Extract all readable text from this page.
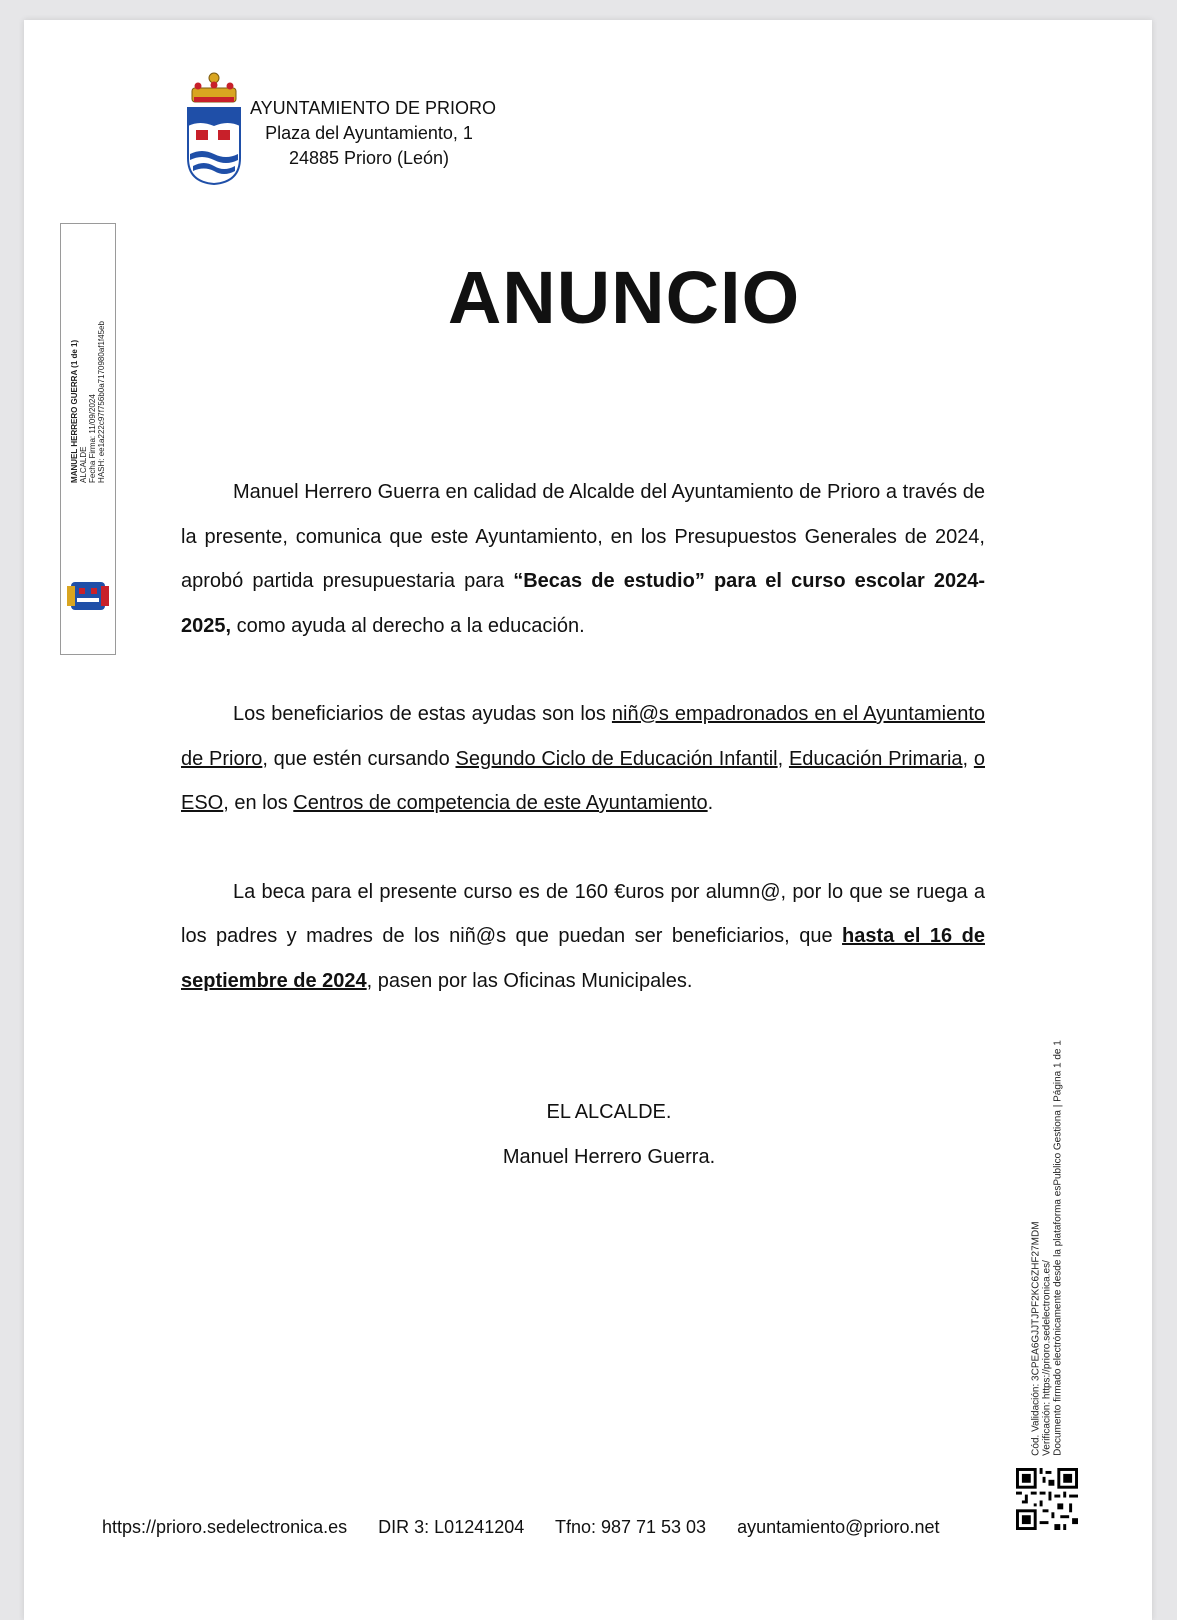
AYUNTAMIENTO DE PRIORO
Plaza del Ayuntamiento, 1
24885 Prioro (León)
MANUEL HERRERO GUERRA (1 de 1) ALCALDE Fecha Firma: 11/09/2024 HASH: ee1a222c97f756b0a7170980af1f45eb
ANUNCIO

Manuel Herrero Guerra en calidad de Alcalde del Ayuntamiento de Prioro a través de la presente, comunica que este Ayuntamiento, en los Presupuestos Generales de 2024, aprobó partida presupuestaria para “Becas de estudio” para el curso escolar 2024-2025, como ayuda al derecho a la educación.

Los beneficiarios de estas ayudas son los niñ@s empadronados en el Ayuntamiento de Prioro, que estén cursando Segundo Ciclo de Educación Infantil, Educación Primaria, o ESO, en los Centros de competencia de este Ayuntamiento.

La beca para el presente curso es de 160 €uros por alumn@, por lo que se ruega a los padres y madres de los niñ@s que puedan ser beneficiarios, que hasta el 16 de septiembre de 2024, pasen por las Oficinas Municipales.

EL ALCALDE.
Manuel Herrero Guerra.
Cód. Validación: 3CPEA6GJJTJPF2KC6ZHF27MDM Verificación: https://prioro.sedelectronica.es/ Documento firmado electrónicamente desde la plataforma esPublico Gestiona | Página 1 de 1
https://prioro.sedelectronica.es DIR 3: L01241204 Tfno: 987 71 53 03 ayuntamiento@prioro.net
